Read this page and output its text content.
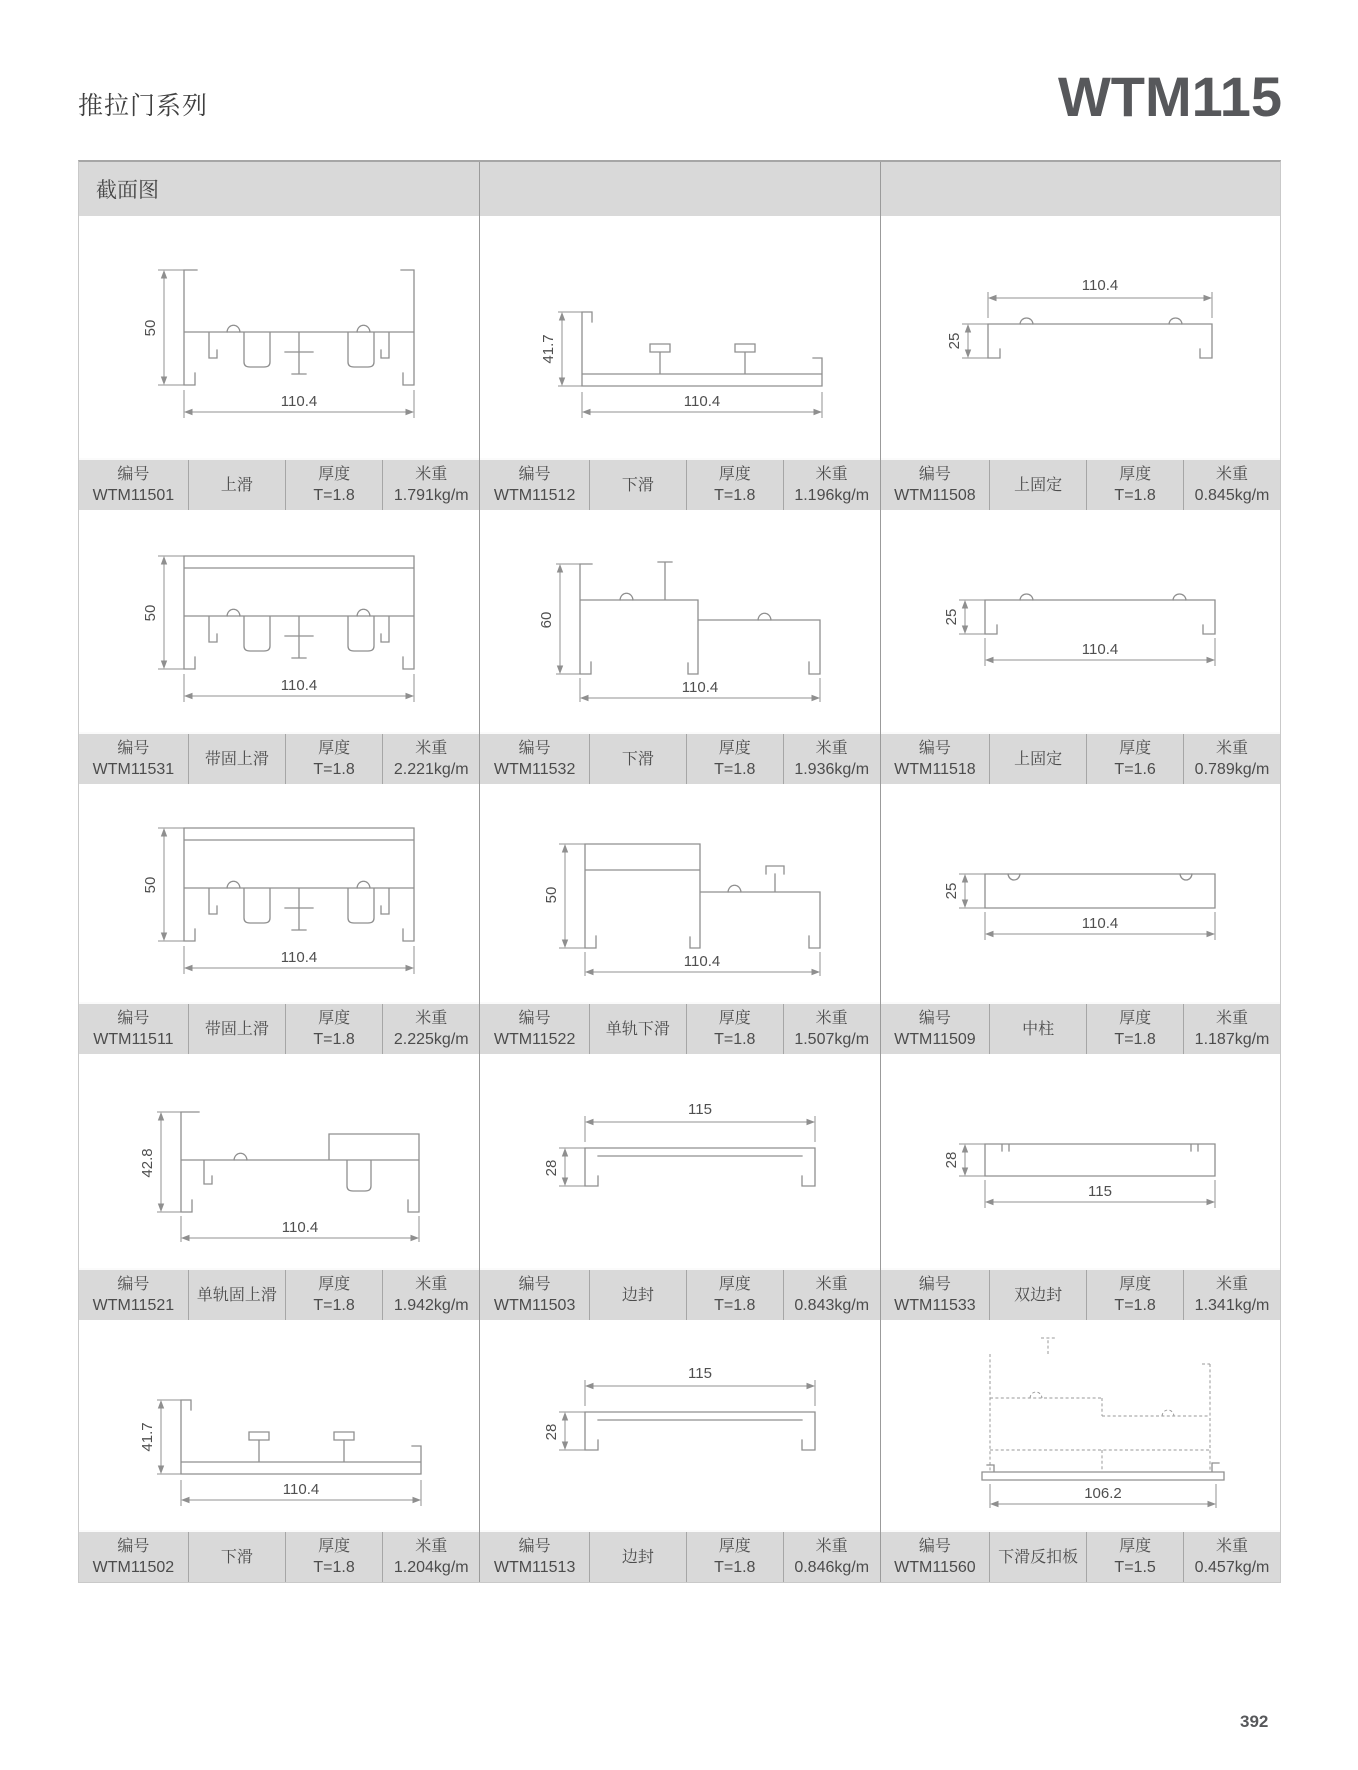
推拉门系列	WTM115
截面图
50
110.4
编号
WTM11501
上滑
厚度
T=1.8
米重
1.791kg/m
41.7
110.4
编号
WTM11512
下滑
厚度
T=1.8
米重
1.196kg/m
110.4
25
编号
WTM11508
上固定
厚度
T=1.8
米重
0.845kg/m
50
110.4
编号
WTM11531
带固上滑
厚度
T=1.8
米重
2.221kg/m
60
110.4
编号
WTM11532
下滑
厚度
T=1.8
米重
1.936kg/m
25
110.4
编号
WTM11518
上固定
厚度
T=1.6
米重
0.789kg/m
50
110.4
编号
WTM11511
带固上滑
厚度
T=1.8
米重
2.225kg/m
50
110.4
编号
WTM11522
单轨下滑
厚度
T=1.8
米重
1.507kg/m
25
110.4
编号
WTM11509
中柱
厚度
T=1.8
米重
1.187kg/m
42.8
110.4
编号
WTM11521
单轨固上滑
厚度
T=1.8
米重
1.942kg/m
115
28
编号
WTM11503
边封
厚度
T=1.8
米重
0.843kg/m
28
115
编号
WTM11533
双边封
厚度
T=1.8
米重
1.341kg/m
41.7
110.4
编号
WTM11502
下滑
厚度
T=1.8
米重
1.204kg/m
115
28
编号
WTM11513
边封
厚度
T=1.8
米重
0.846kg/m
106.2
编号
WTM11560
下滑反扣板
厚度
T=1.5
米重
0.457kg/m
392
